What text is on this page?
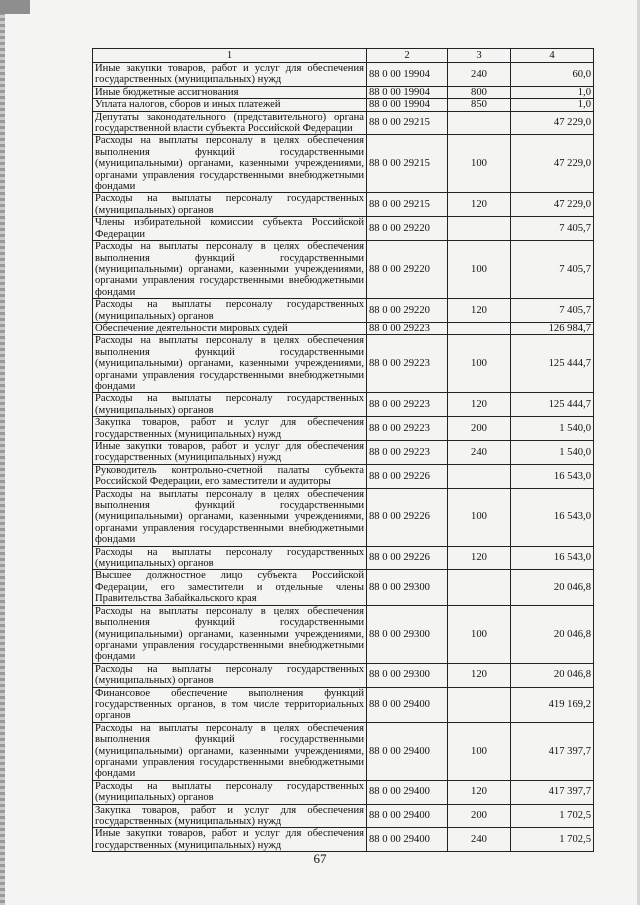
1	2	3	4
Иные закупки товаров, работ и услуг для обеспечения государственных (муниципальных) нужд	88 0 00 19904	240	60,0
Иные бюджетные ассигнования	88 0 00 19904	800	1,0
Уплата налогов, сборов и иных платежей	88 0 00 19904	850	1,0
Депутаты законодательного (представительного) органа государственной власти субъекта Российской Федерации	88 0 00 29215		47 229,0
Расходы на выплаты персоналу в целях обеспечения выполнения функций государственными (муниципальными) органами, казенными учреждениями, органами управления государственными внебюджетными фондами	88 0 00 29215	100	47 229,0
Расходы на выплаты персоналу государственных (муниципальных) органов	88 0 00 29215	120	47 229,0
Члены избирательной комиссии субъекта Российской Федерации	88 0 00 29220		7 405,7
Расходы на выплаты персоналу в целях обеспечения выполнения функций государственными (муниципальными) органами, казенными учреждениями, органами управления государственными внебюджетными фондами	88 0 00 29220	100	7 405,7
Расходы на выплаты персоналу государственных (муниципальных) органов	88 0 00 29220	120	7 405,7
Обеспечение деятельности мировых судей	88 0 00 29223		126 984,7
Расходы на выплаты персоналу в целях обеспечения выполнения функций государственными (муниципальными) органами, казенными учреждениями, органами управления государственными внебюджетными фондами	88 0 00 29223	100	125 444,7
Расходы на выплаты персоналу государственных (муниципальных) органов	88 0 00 29223	120	125 444,7
Закупка товаров, работ и услуг для обеспечения государственных (муниципальных) нужд	88 0 00 29223	200	1 540,0
Иные закупки товаров, работ и услуг для обеспечения государственных (муниципальных) нужд	88 0 00 29223	240	1 540,0
Руководитель контрольно-счетной палаты субъекта Российской Федерации, его заместители и аудиторы	88 0 00 29226		16 543,0
Расходы на выплаты персоналу в целях обеспечения выполнения функций государственными (муниципальными) органами, казенными учреждениями, органами управления государственными внебюджетными фондами	88 0 00 29226	100	16 543,0
Расходы на выплаты персоналу государственных (муниципальных) органов	88 0 00 29226	120	16 543,0
Высшее должностное лицо субъекта Российской Федерации, его заместители и отдельные члены Правительства Забайкальского края	88 0 00 29300		20 046,8
Расходы на выплаты персоналу в целях обеспечения выполнения функций государственными (муниципальными) органами, казенными учреждениями, органами управления государственными внебюджетными фондами	88 0 00 29300	100	20 046,8
Расходы на выплаты персоналу государственных (муниципальных) органов	88 0 00 29300	120	20 046,8
Финансовое обеспечение выполнения функций государственных органов, в том числе территориальных органов	88 0 00 29400		419 169,2
Расходы на выплаты персоналу в целях обеспечения выполнения функций государственными (муниципальными) органами, казенными учреждениями, органами управления государственными внебюджетными фондами	88 0 00 29400	100	417 397,7
Расходы на выплаты персоналу государственных (муниципальных) органов	88 0 00 29400	120	417 397,7
Закупка товаров, работ и услуг для обеспечения государственных (муниципальных) нужд	88 0 00 29400	200	1 702,5
Иные закупки товаров, работ и услуг для обеспечения государственных (муниципальных) нужд	88 0 00 29400	240	1 702,5
67
